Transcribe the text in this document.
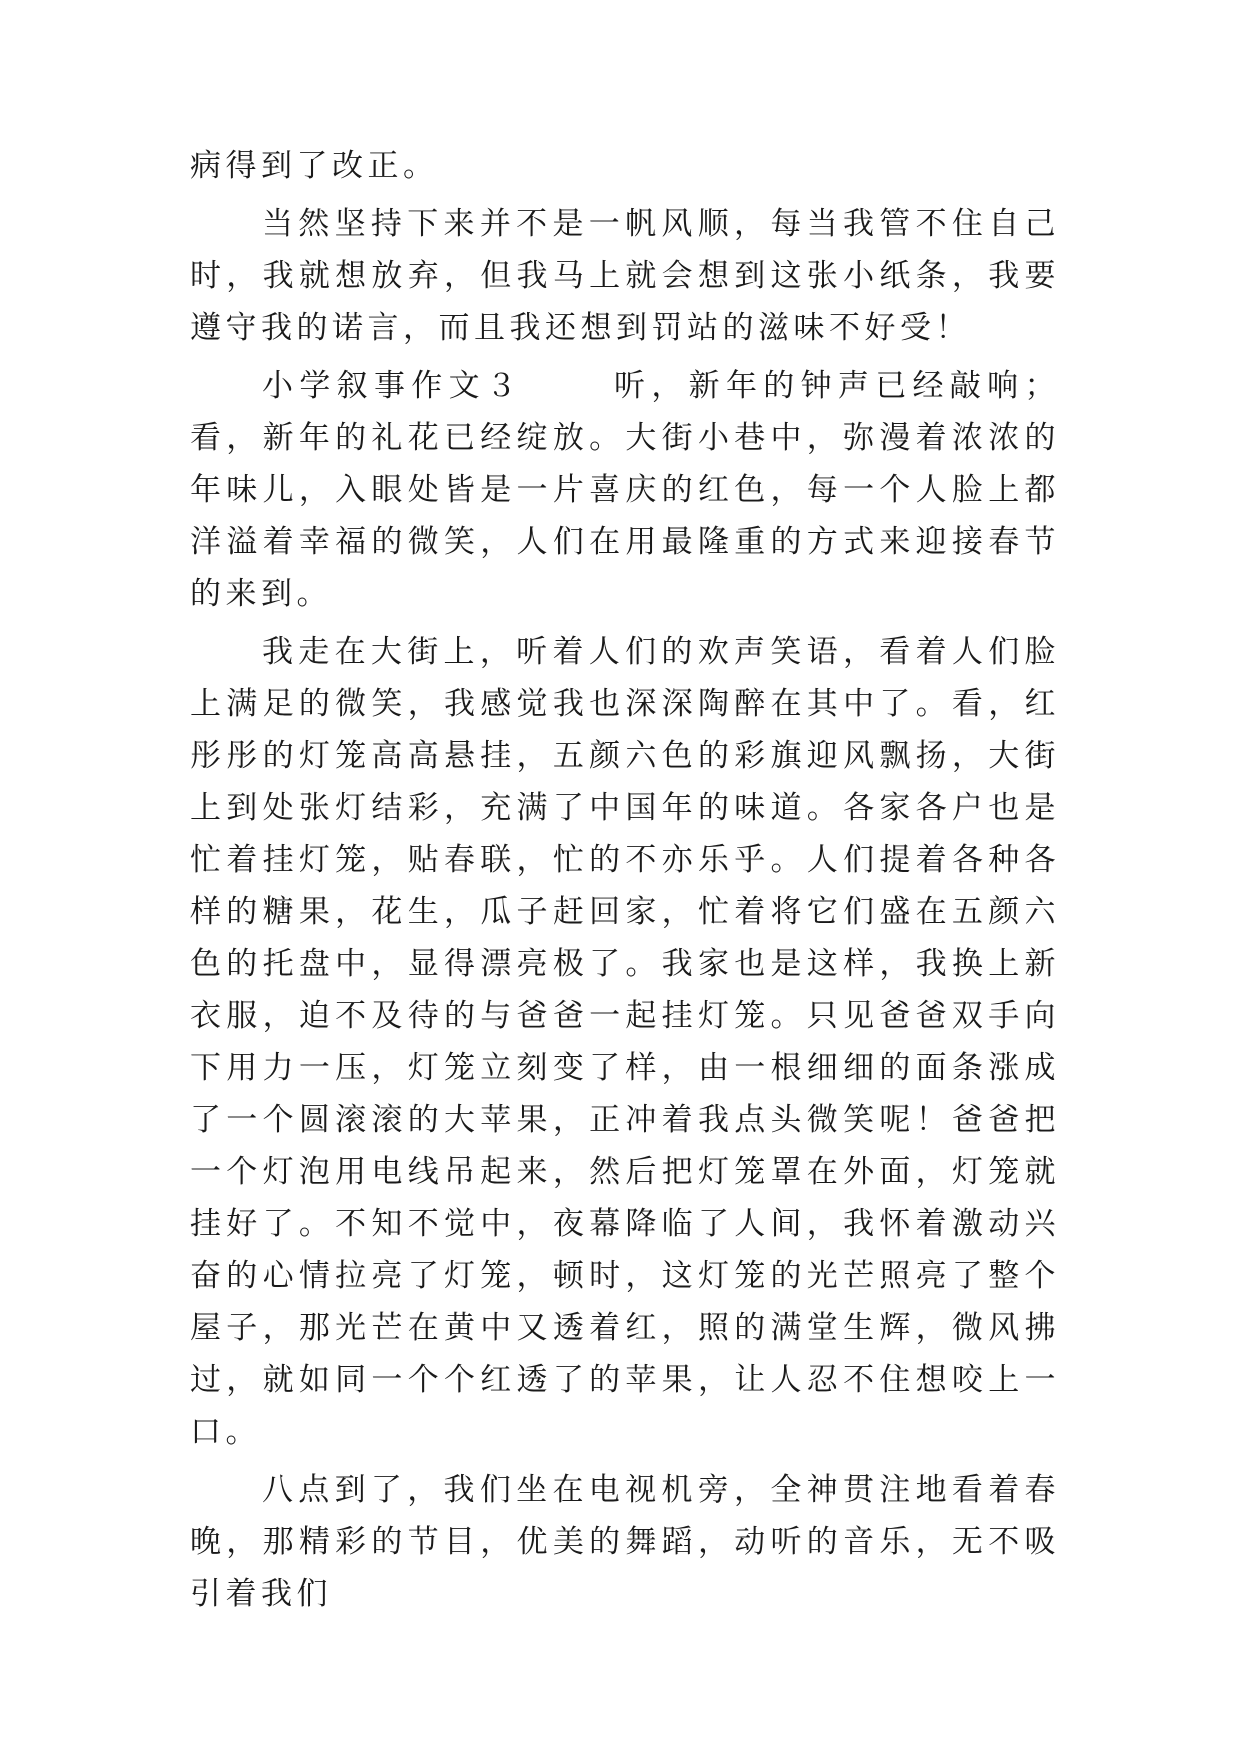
病得到了改正。

当然坚持下来并不是一帆风顺，每当我管不住自己时，我就想放弃，但我马上就会想到这张小纸条，我要遵守我的诺言，而且我还想到罚站的滋味不好受！

小学叙事作文３　　 听，新年的钟声已经敲响；看，新年的礼花已经绽放。大街小巷中，弥漫着浓浓的年味儿，入眼处皆是一片喜庆的红色，每一个人脸上都洋溢着幸福的微笑，人们在用最隆重的方式来迎接春节的来到。

我走在大街上，听着人们的欢声笑语，看着人们脸上满足的微笑，我感觉我也深深陶醉在其中了。看，红彤彤的灯笼高高悬挂，五颜六色的彩旗迎风飘扬，大街上到处张灯结彩，充满了中国年的味道。各家各户也是忙着挂灯笼，贴春联，忙的不亦乐乎。人们提着各种各样的糖果，花生，瓜子赶回家，忙着将它们盛在五颜六色的托盘中，显得漂亮极了。我家也是这样，我换上新衣服，迫不及待的与爸爸一起挂灯笼。只见爸爸双手向下用力一压，灯笼立刻变了样，由一根细细的面条涨成了一个圆滚滚的大苹果，正冲着我点头微笑呢！爸爸把一个灯泡用电线吊起来，然后把灯笼罩在外面，灯笼就挂好了。不知不觉中，夜幕降临了人间，我怀着激动兴奋的心情拉亮了灯笼，顿时，这灯笼的光芒照亮了整个屋子，那光芒在黄中又透着红，照的满堂生辉，微风拂过，就如同一个个红透了的苹果，让人忍不住想咬上一口。

八点到了，我们坐在电视机旁，全神贯注地看着春晚，那精彩的节目，优美的舞蹈，动听的音乐，无不吸引着我们
